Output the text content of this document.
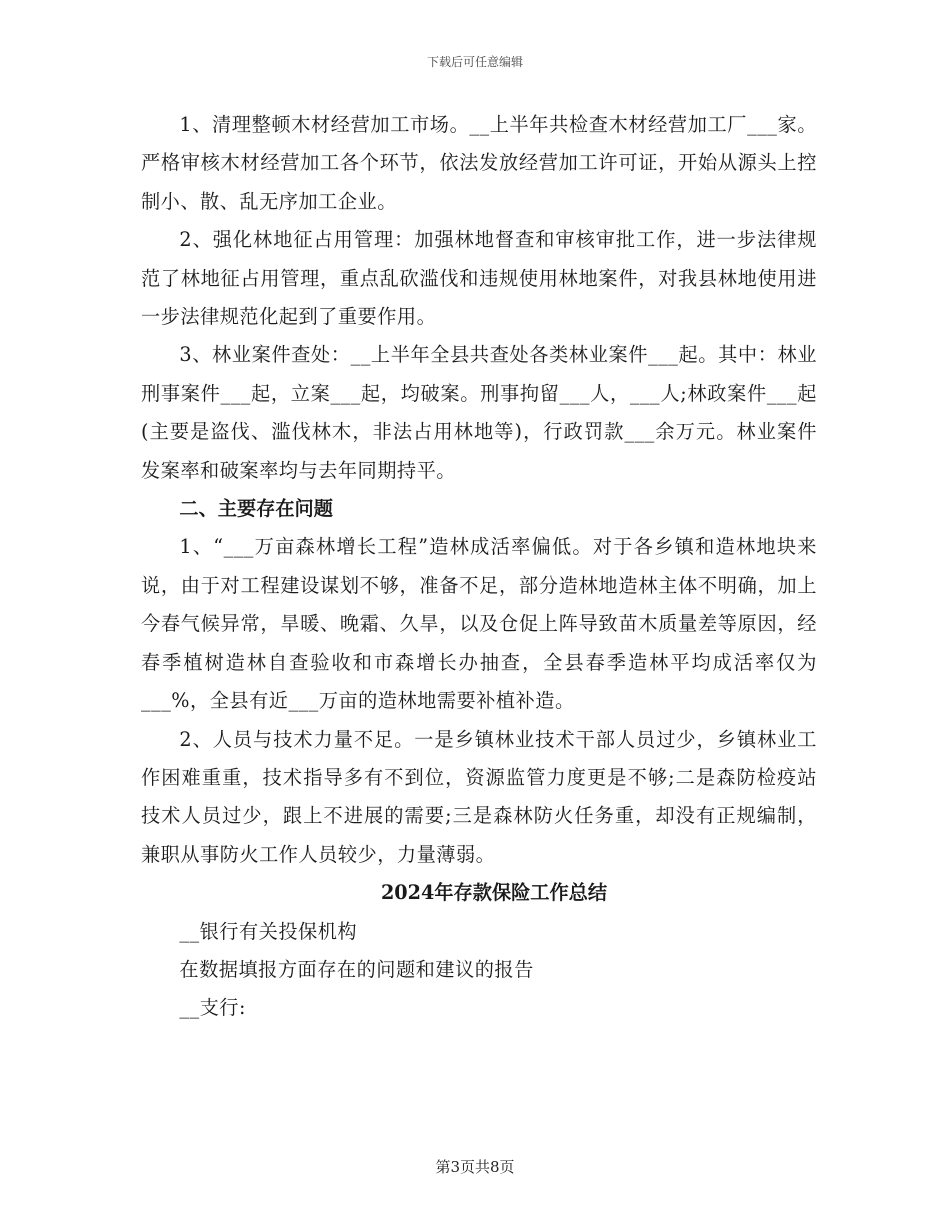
下载后可任意编辑

1、清理整顿木材经营加工市场。__上半年共检查木材经营加工厂___家。严格审核木材经营加工各个环节，依法发放经营加工许可证，开始从源头上控制小、散、乱无序加工企业。

2、强化林地征占用管理：加强林地督查和审核审批工作，进一步法律规范了林地征占用管理，重点乱砍滥伐和违规使用林地案件，对我县林地使用进一步法律规范化起到了重要作用。

3、林业案件查处：__上半年全县共查处各类林业案件___起。其中：林业刑事案件___起，立案___起，均破案。刑事拘留___人，___人;林政案件___起(主要是盗伐、滥伐林木，非法占用林地等)，行政罚款___余万元。林业案件发案率和破案率均与去年同期持平。

二、主要存在问题

1、“___万亩森林增长工程”造林成活率偏低。对于各乡镇和造林地块来说，由于对工程建设谋划不够，准备不足，部分造林地造林主体不明确，加上今春气候异常，旱暖、晚霜、久旱，以及仓促上阵导致苗木质量差等原因，经春季植树造林自查验收和市森增长办抽查，全县春季造林平均成活率仅为___%，全县有近___万亩的造林地需要补植补造。

2、人员与技术力量不足。一是乡镇林业技术干部人员过少，乡镇林业工作困难重重，技术指导多有不到位，资源监管力度更是不够;二是森防检疫站技术人员过少，跟上不进展的需要;三是森林防火任务重，却没有正规编制，兼职从事防火工作人员较少，力量薄弱。

2024年存款保险工作总结

__银行有关投保机构

在数据填报方面存在的问题和建议的报告

__支行:

第3页共8页
